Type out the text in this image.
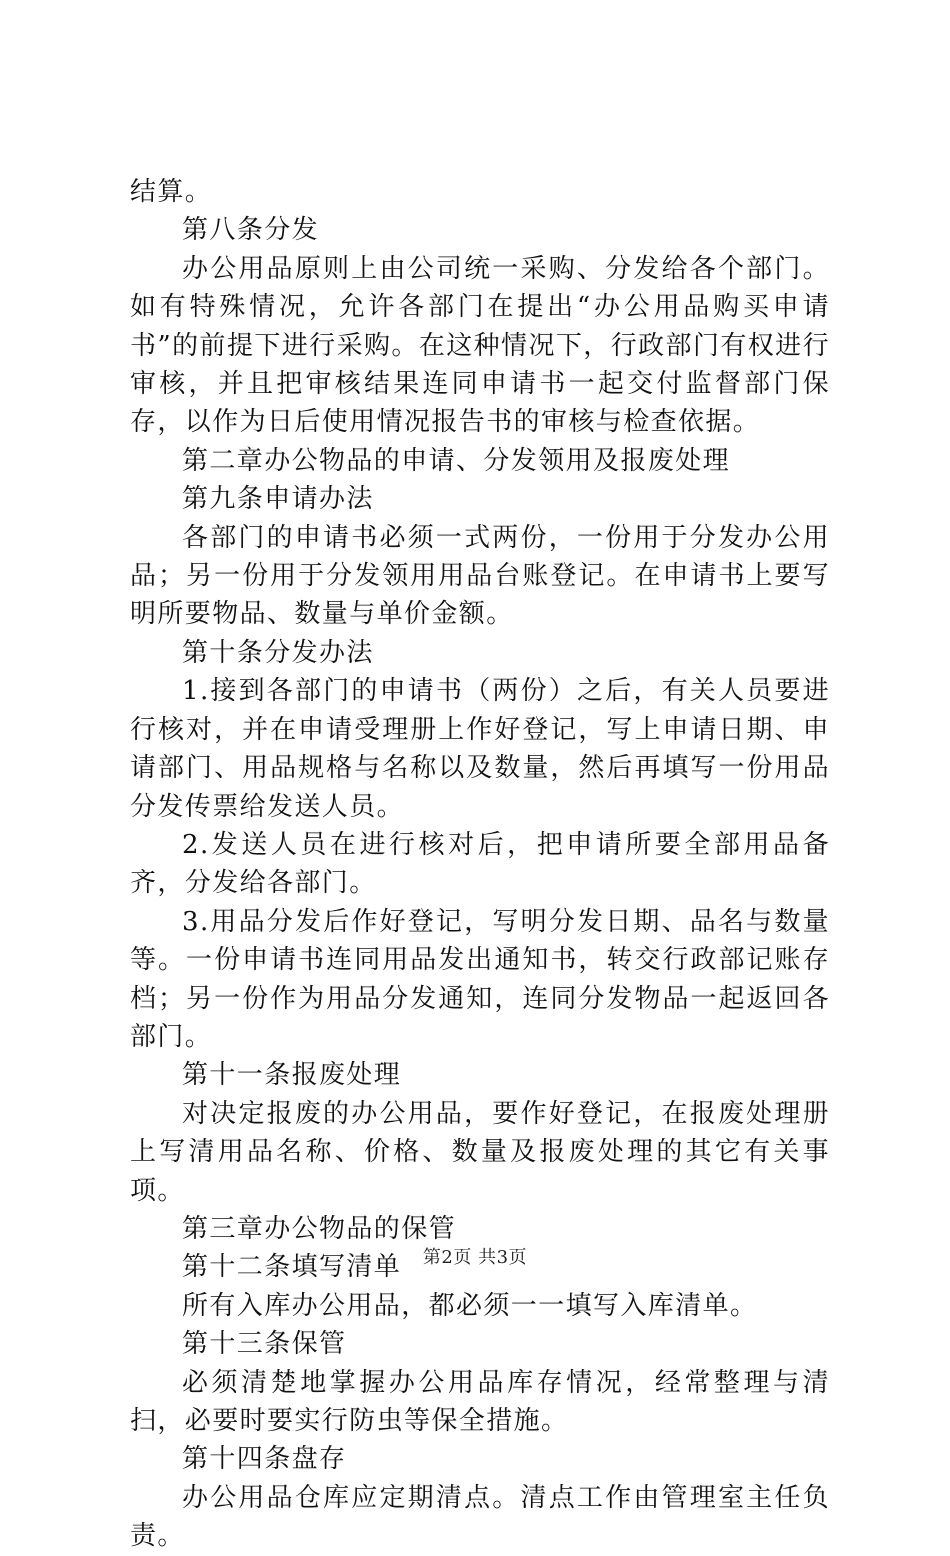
结算。

第八条分发

办公用品原则上由公司统一采购、分发给各个部门。如有特殊情况，允许各部门在提出“办公用品购买申请书”的前提下进行采购。在这种情况下，行政部门有权进行审核，并且把审核结果连同申请书一起交付监督部门保存，以作为日后使用情况报告书的审核与检查依据。

第二章办公物品的申请、分发领用及报废处理

第九条申请办法

各部门的申请书必须一式两份，一份用于分发办公用品；另一份用于分发领用用品台账登记。在申请书上要写明所要物品、数量与单价金额。

第十条分发办法

1.接到各部门的申请书（两份）之后，有关人员要进行核对，并在申请受理册上作好登记，写上申请日期、申请部门、用品规格与名称以及数量，然后再填写一份用品分发传票给发送人员。

2.发送人员在进行核对后，把申请所要全部用品备齐，分发给各部门。

3.用品分发后作好登记，写明分发日期、品名与数量等。一份申请书连同用品发出通知书，转交行政部记账存档；另一份作为用品分发通知，连同分发物品一起返回各部门。

第十一条报废处理

对决定报废的办公用品，要作好登记，在报废处理册上写清用品名称、价格、数量及报废处理的其它有关事项。

第三章办公物品的保管

第十二条填写清单

所有入库办公用品，都必须一一填写入库清单。

第十三条保管

必须清楚地掌握办公用品库存情况，经常整理与清扫，必要时要实行防虫等保全措施。

第十四条盘存

办公用品仓库应定期清点。清点工作由管理室主任负责。

第2页 共3页
